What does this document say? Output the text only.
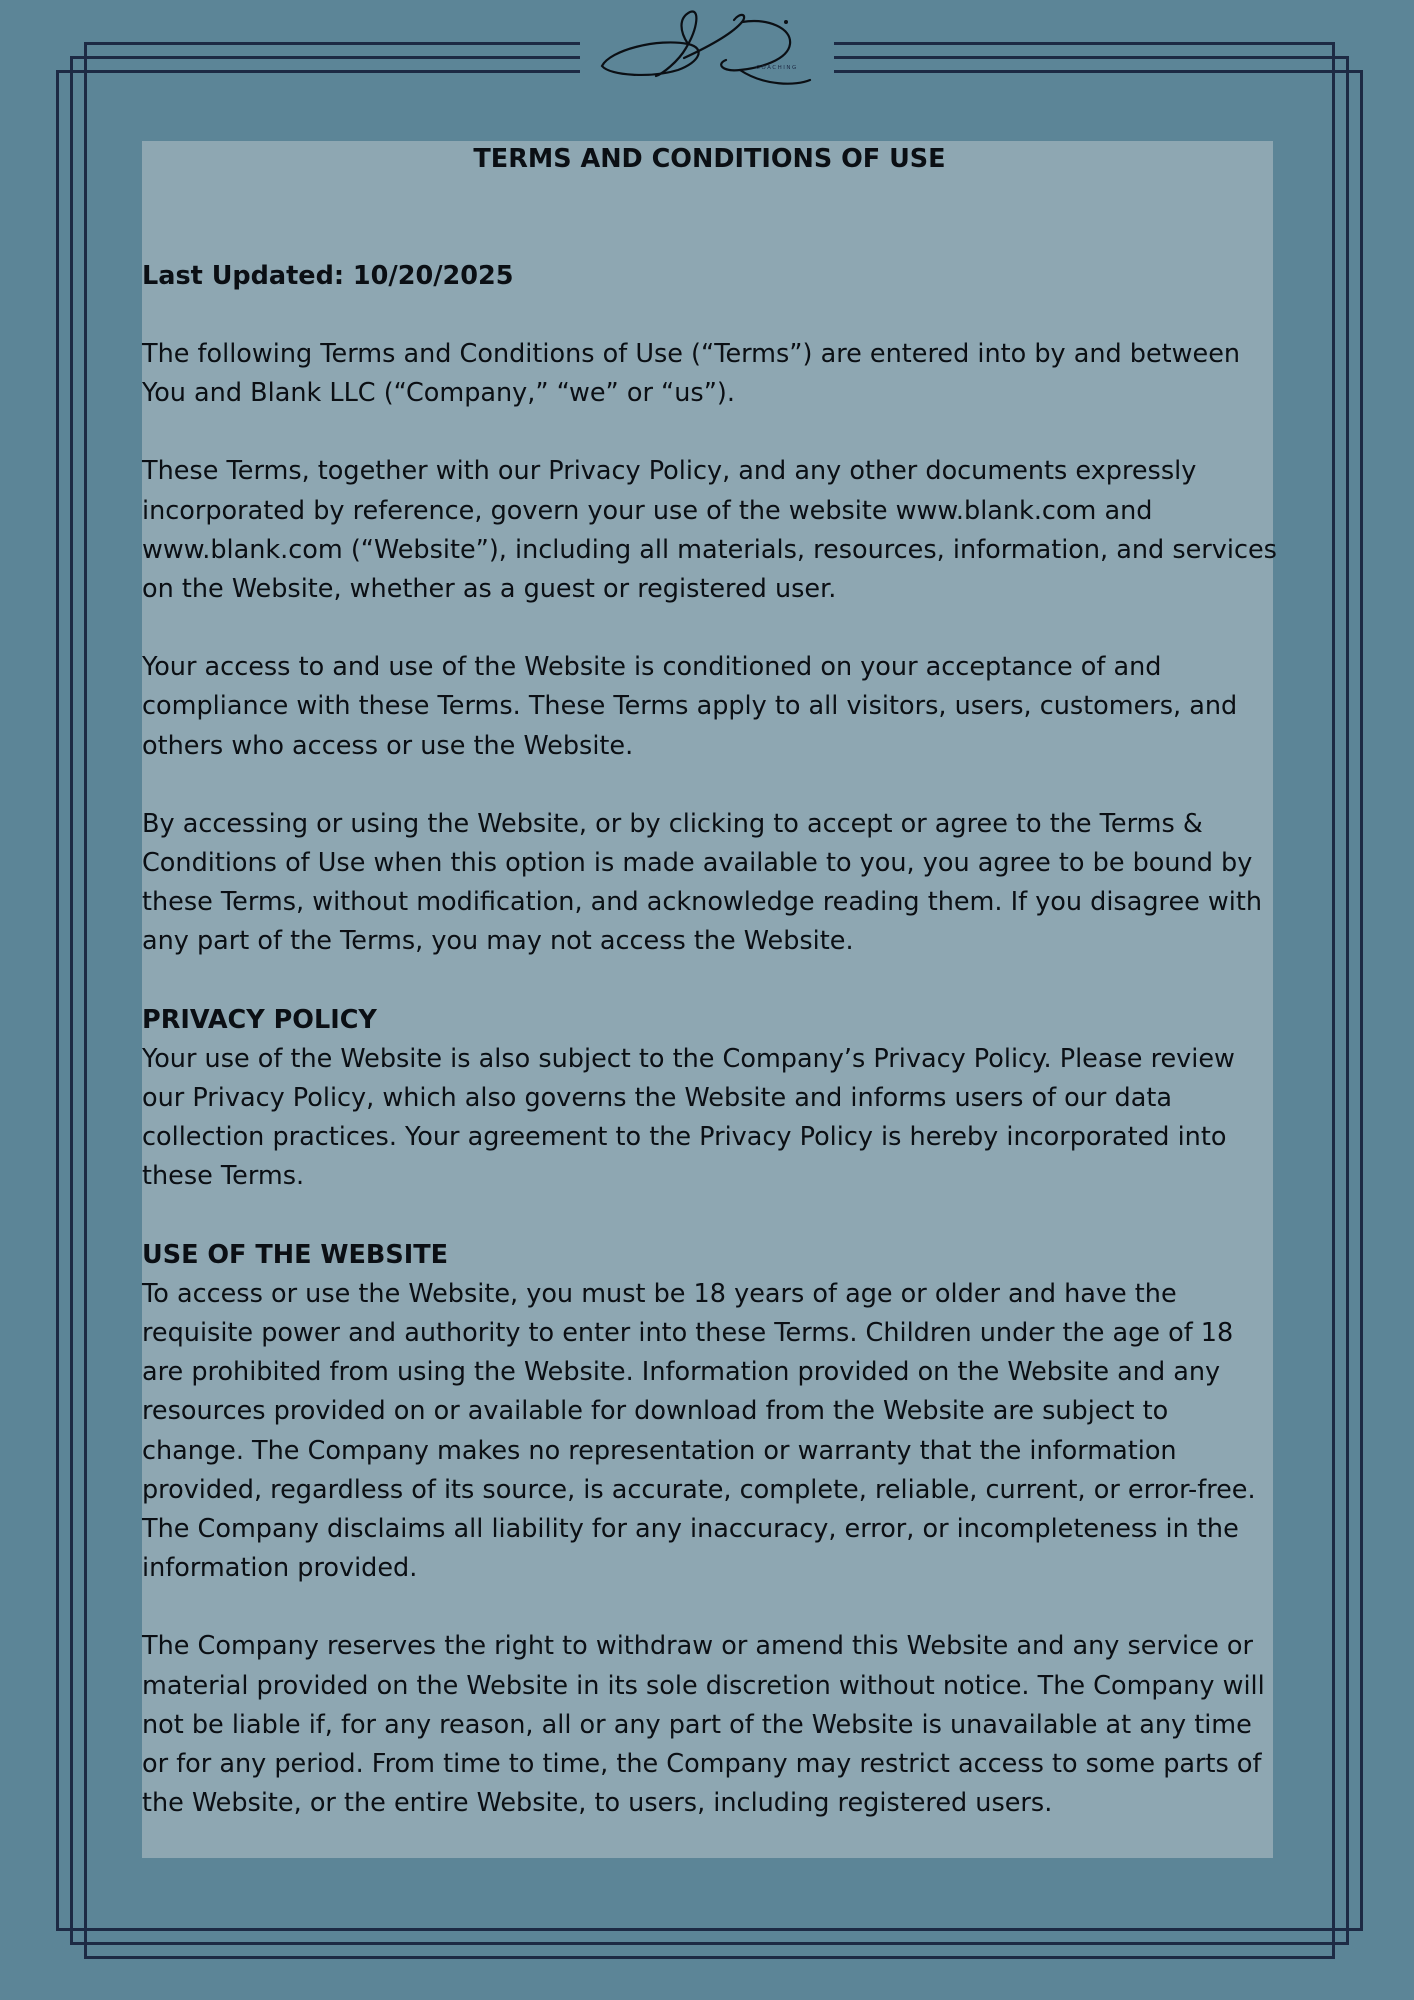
COACHING
TERMS AND CONDITIONS OF USE

Last Updated: 10/20/2025

The following Terms and Conditions of Use (“Terms”) are entered into by and between You and Blank LLC (“Company,” “we” or “us”).

These Terms, together with our Privacy Policy, and any other documents expressly incorporated by reference, govern your use of the website www.blank.com and www.blank.com (“Website”), including all materials, resources, information, and services on the Website, whether as a guest or registered user.

Your access to and use of the Website is conditioned on your acceptance of and compliance with these Terms. These Terms apply to all visitors, users, customers, and others who access or use the Website.

By accessing or using the Website, or by clicking to accept or agree to the Terms & Conditions of Use when this option is made available to you, you agree to be bound by these Terms, without modification, and acknowledge reading them. If you disagree with any part of the Terms, you may not access the Website.

PRIVACY POLICY

Your use of the Website is also subject to the Company’s Privacy Policy. Please review our Privacy Policy, which also governs the Website and informs users of our data collection practices. Your agreement to the Privacy Policy is hereby incorporated into these Terms.

USE OF THE WEBSITE

To access or use the Website, you must be 18 years of age or older and have the requisite power and authority to enter into these Terms. Children under the age of 18 are prohibited from using the Website. Information provided on the Website and any resources provided on or available for download from the Website are subject to change. The Company makes no representation or warranty that the information provided, regardless of its source, is accurate, complete, reliable, current, or error-free. The Company disclaims all liability for any inaccuracy, error, or incompleteness in the information provided.

The Company reserves the right to withdraw or amend this Website and any service or material provided on the Website in its sole discretion without notice. The Company will not be liable if, for any reason, all or any part of the Website is unavailable at any time or for any period. From time to time, the Company may restrict access to some parts of the Website, or the entire Website, to users, including registered users.
